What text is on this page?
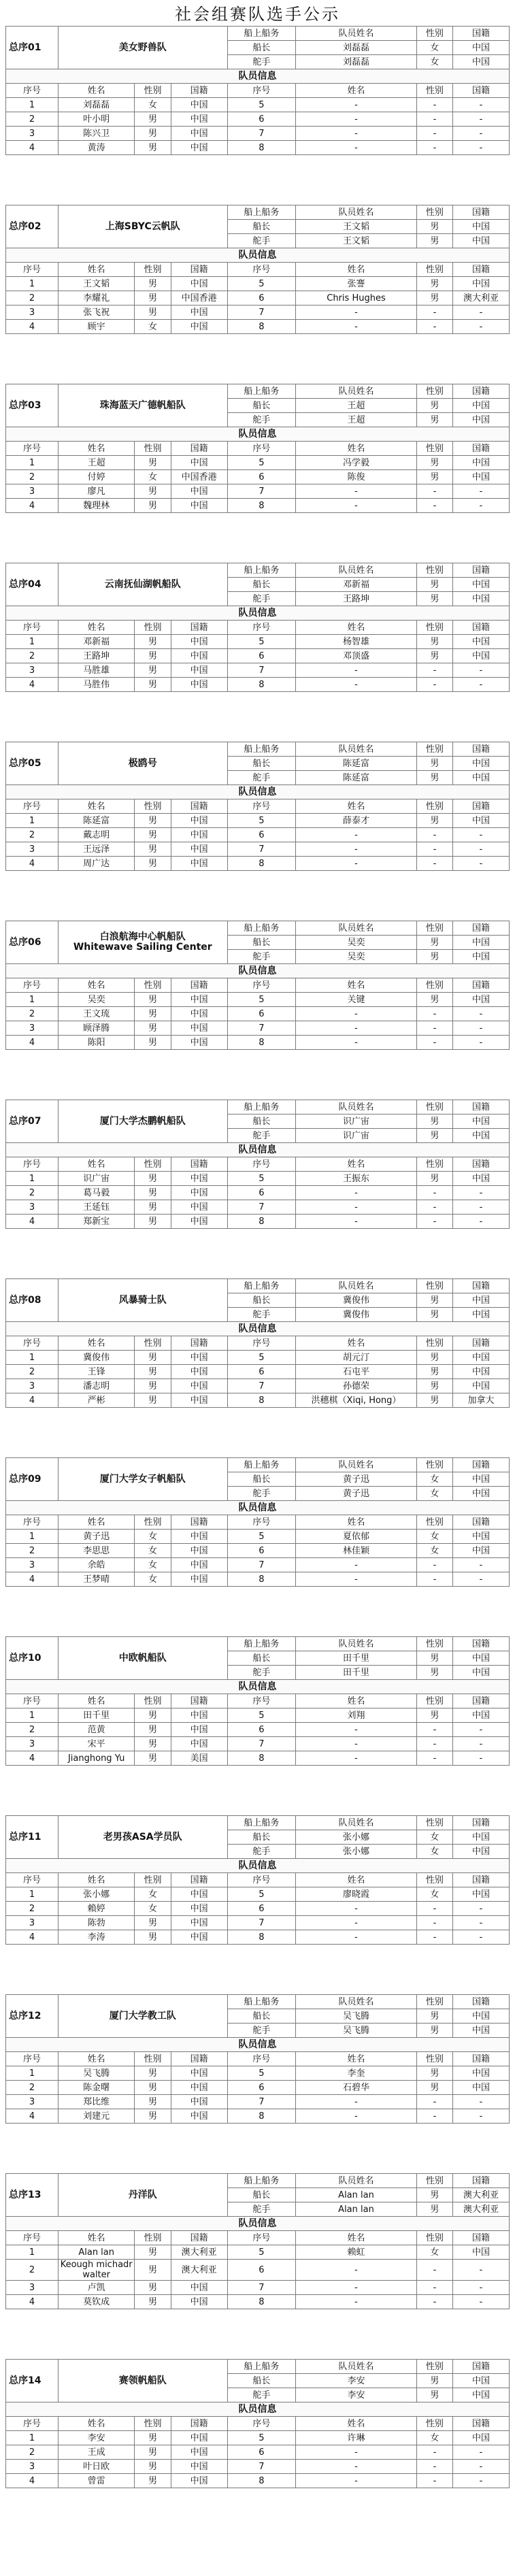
社会组赛队选手公示
总序01	美女野兽队			船上船务	队员姓名	性别	国籍
				船长	刘磊磊	女	中国
				舵手	刘磊磊	女	中国
队员信息							
序号	姓名	性别	国籍	序号	姓名	性别	国籍
1	刘磊磊	女	中国	5	-	-	-
2	叶小明	男	中国	6	-	-	-
3	陈兴卫	男	中国	7	-	-	-
4	黄涛	男	中国	8	-	-	-
总序02	上海SBYC云帆队			船上船务	队员姓名	性别	国籍
				船长	王文韬	男	中国
				舵手	王文韬	男	中国
队员信息							
序号	姓名	性别	国籍	序号	姓名	性别	国籍
1	王文韬	男	中国	5	张謇	男	中国
2	李耀礼	男	中国香港	6	Chris Hughes	男	澳大利亚
3	张飞祝	男	中国	7	-	-	-
4	顾宇	女	中国	8	-	-	-
总序03	珠海蓝天广德帆船队			船上船务	队员姓名	性别	国籍
				船长	王超	男	中国
				舵手	王超	男	中国
队员信息							
序号	姓名	性别	国籍	序号	姓名	性别	国籍
1	王超	男	中国	5	冯学毅	男	中国
2	付婷	女	中国香港	6	陈俊	男	中国
3	廖凡	男	中国	7	-	-	-
4	魏理林	男	中国	8	-	-	-
总序04	云南抚仙湖帆船队			船上船务	队员姓名	性别	国籍
				船长	邓新福	男	中国
				舵手	王路坤	男	中国
队员信息							
序号	姓名	性别	国籍	序号	姓名	性别	国籍
1	邓新福	男	中国	5	杨智雄	男	中国
2	王路坤	男	中国	6	邓顶盛	男	中国
3	马胜雄	男	中国	7	-	-	-
4	马胜伟	男	中国	8	-	-	-
总序05	极鸥号			船上船务	队员姓名	性别	国籍
				船长	陈延富	男	中国
				舵手	陈延富	男	中国
队员信息							
序号	姓名	性别	国籍	序号	姓名	性别	国籍
1	陈延富	男	中国	5	薛泰才	男	中国
2	戴志明	男	中国	6	-	-	-
3	王远泽	男	中国	7	-	-	-
4	周广达	男	中国	8	-	-	-
总序06	白浪航海中心帆船队
Whitewave Sailing Center			船上船务	队员姓名	性别	国籍
				船长	吴奕	男	中国
				舵手	吴奕	男	中国
队员信息							
序号	姓名	性别	国籍	序号	姓名	性别	国籍
1	吴奕	男	中国	5	关键	男	中国
2	王文琉	男	中国	6	-	-	-
3	顾泽腾	男	中国	7	-	-	-
4	陈阳	男	中国	8	-	-	-
总序07	厦门大学杰鹏帆船队			船上船务	队员姓名	性别	国籍
				船长	识广宙	男	中国
				舵手	识广宙	男	中国
队员信息							
序号	姓名	性别	国籍	序号	姓名	性别	国籍
1	识广宙	男	中国	5	王振东	男	中国
2	葛马毅	男	中国	6	-	-	-
3	王延钰	男	中国	7	-	-	-
4	郑新宝	男	中国	8	-	-	-
总序08	风暴骑士队			船上船务	队员姓名	性别	国籍
				船长	冀俊伟	男	中国
				舵手	冀俊伟	男	中国
队员信息							
序号	姓名	性别	国籍	序号	姓名	性别	国籍
1	冀俊伟	男	中国	5	胡元汀	男	中国
2	王锋	男	中国	6	石屯平	男	中国
3	潘志明	男	中国	7	孙德荣	男	中国
4	严彬	男	中国	8	洪穗棋（Xiqi, Hong）	男	加拿大
总序09	厦门大学女子帆船队			船上船务	队员姓名	性别	国籍
				船长	黄子迅	女	中国
				舵手	黄子迅	女	中国
队员信息							
序号	姓名	性别	国籍	序号	姓名	性别	国籍
1	黄子迅	女	中国	5	夏依郁	女	中国
2	李思思	女	中国	6	林佳颖	女	中国
3	余皓	女	中国	7	-	-	-
4	王梦晴	女	中国	8	-	-	-
总序10	中欧帆船队			船上船务	队员姓名	性别	国籍
				船长	田千里	男	中国
				舵手	田千里	男	中国
队员信息							
序号	姓名	性别	国籍	序号	姓名	性别	国籍
1	田千里	男	中国	5	刘翔	男	中国
2	范黄	男	中国	6	-	-	-
3	宋平	男	中国	7	-	-	-
4	Jianghong Yu	男	美国	8	-	-	-
总序11	老男孩ASA学员队			船上船务	队员姓名	性别	国籍
				船长	张小娜	女	中国
				舵手	张小娜	女	中国
队员信息							
序号	姓名	性别	国籍	序号	姓名	性别	国籍
1	张小娜	女	中国	5	廖晓霞	女	中国
2	賴婷	女	中国	6	-	-	-
3	陈勃	男	中国	7	-	-	-
4	李涛	男	中国	8	-	-	-
总序12	厦门大学教工队			船上船务	队员姓名	性别	国籍
				船长	吴飞腾	男	中国
				舵手	吴飞腾	男	中国
队员信息							
序号	姓名	性别	国籍	序号	姓名	性别	国籍
1	吴飞腾	男	中国	5	李奎	男	中国
2	陈金曙	男	中国	6	石碧华	男	中国
3	郑比维	男	中国	7	-	-	-
4	刘建元	男	中国	8	-	-	-
总序13	丹洋队			船上船务	队员姓名	性别	国籍
				船长	Alan lan	男	澳大利亚
				舵手	Alan lan	男	澳大利亚
队员信息							
序号	姓名	性别	国籍	序号	姓名	性别	国籍
1	Alan lan	男	澳大利亚	5	赖虹	女	中国
2	Keough michadr walter	男	澳大利亚	6	-	-	-
3	卢凯	男	中国	7	-	-	-
4	莫钦成	男	中国	8	-	-	-
总序14	赛领帆船队			船上船务	队员姓名	性别	国籍
				船长	李安	男	中国
				舵手	李安	男	中国
队员信息							
序号	姓名	性别	国籍	序号	姓名	性别	国籍
1	李安	男	中国	5	许琳	女	中国
2	王成	男	中国	6	-	-	-
3	叶日欧	男	中国	7	-	-	-
4	曾雷	男	中国	8	-	-	-
